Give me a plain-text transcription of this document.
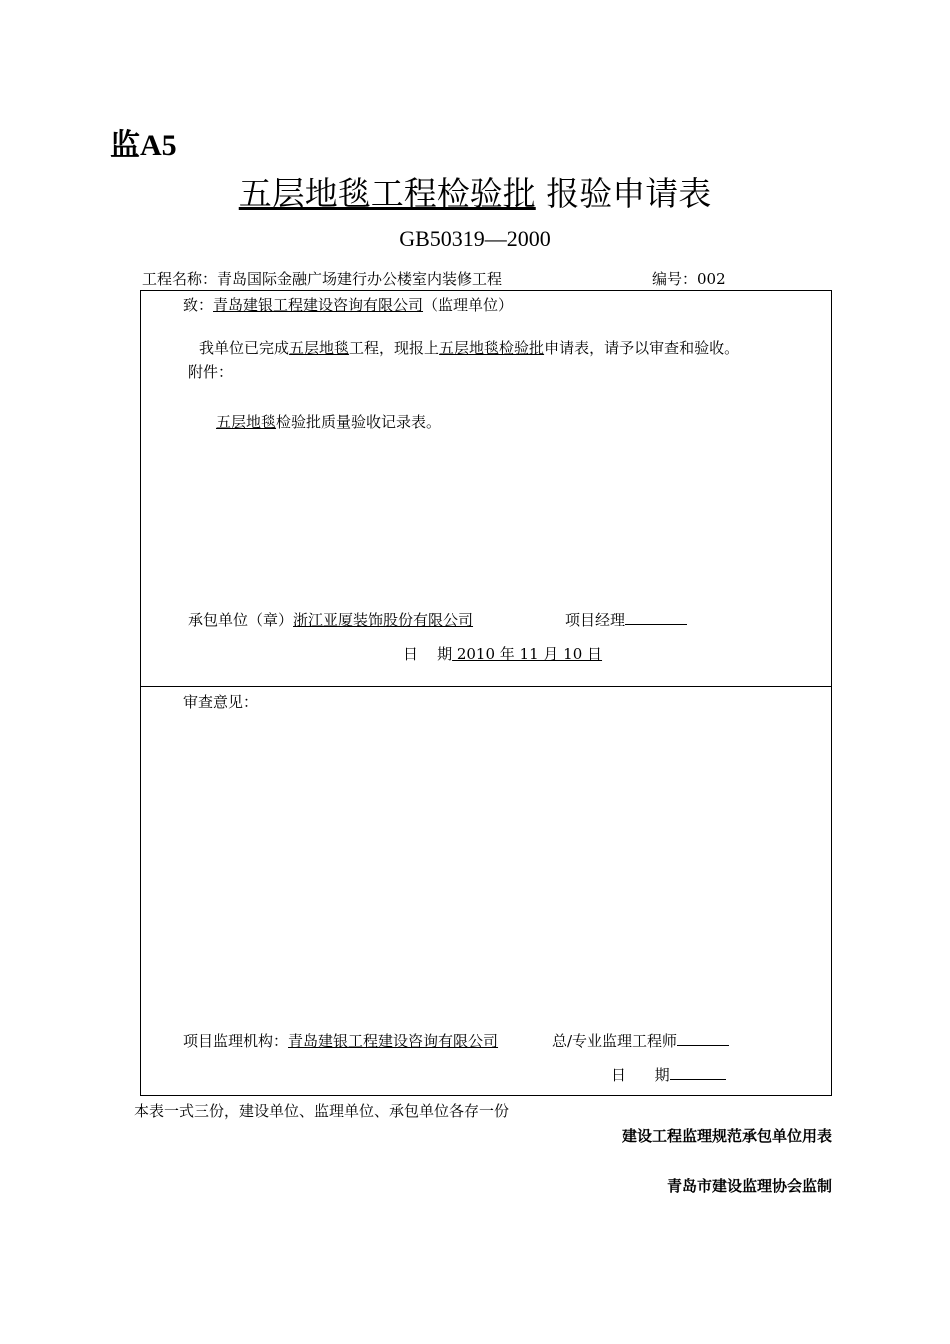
监A5
五层地毯工程检验批 报验申请表
GB50319—2000
工程名称：青岛国际金融广场建行办公楼室内装修工程	编号：002
致：青岛建银工程建设咨询有限公司（监理单位）
我单位已完成五层地毯工程，现报上五层地毯检验批申请表，请予以审查和验收。
附件：
五层地毯检验批质量验收记录表。
承包单位（章）浙江亚厦装饰股份有限公司	项目经理
日    期 2010 年 11 月 10 日
审查意见：
项目监理机构：青岛建银工程建设咨询有限公司	总/专业监理工程师
日      期
本表一式三份，建设单位、监理单位、承包单位各存一份
建设工程监理规范承包单位用表
青岛市建设监理协会监制
